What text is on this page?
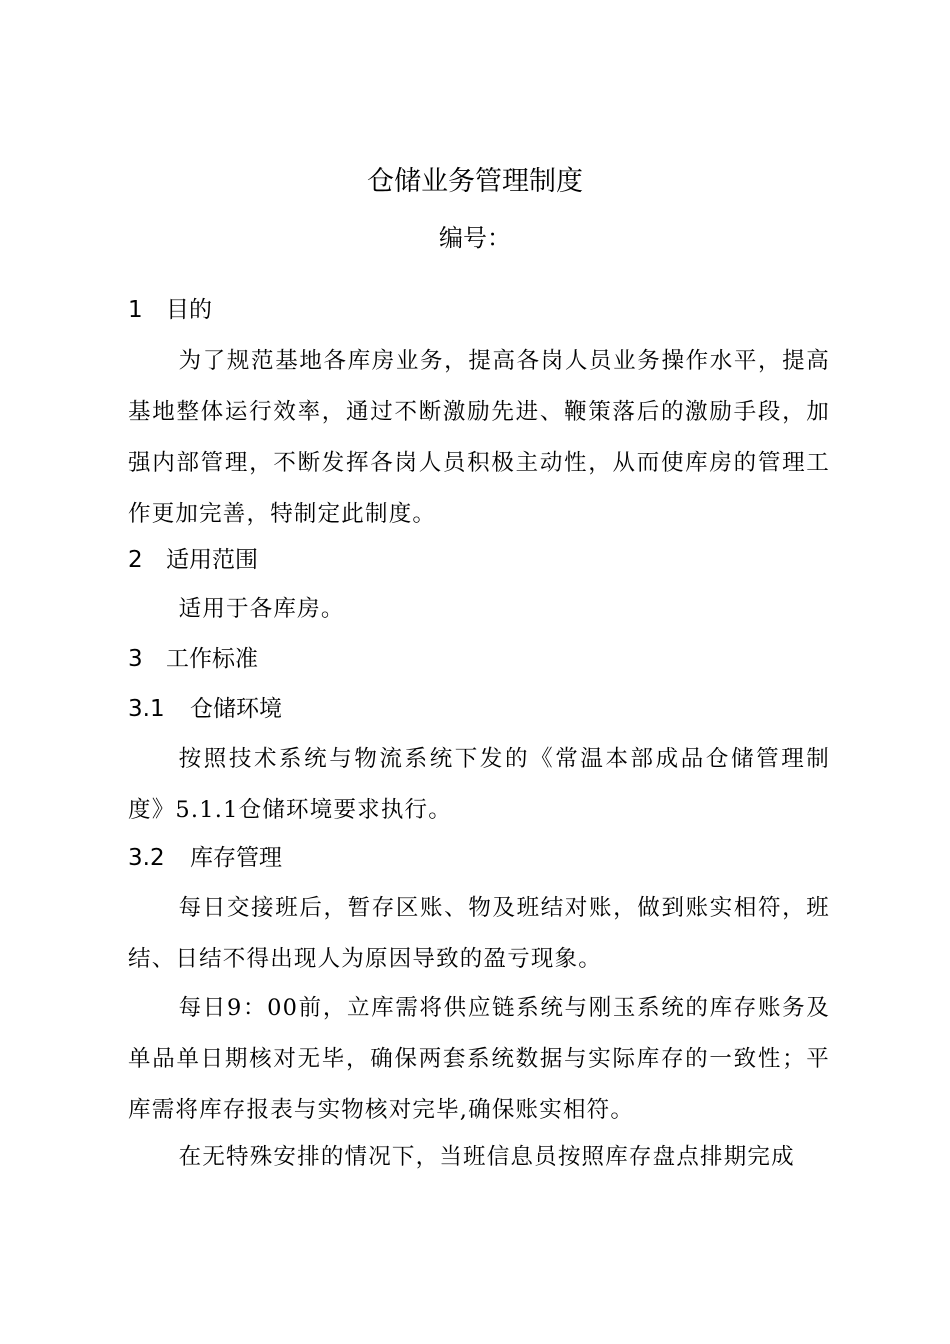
仓储业务管理制度
编号：
1 目的
为了规范基地各库房业务，提高各岗人员业务操作水平，提高基地整体运行效率，通过不断激励先进、鞭策落后的激励手段，加强内部管理，不断发挥各岗人员积极主动性，从而使库房的管理工作更加完善，特制定此制度。
2 适用范围
适用于各库房。
3 工作标准
3.1 仓储环境
按照技术系统与物流系统下发的《常温本部成品仓储管理制度》5.1.1仓储环境要求执行。
3.2 库存管理
每日交接班后，暂存区账、物及班结对账，做到账实相符，班结、日结不得出现人为原因导致的盈亏现象。
每日9：00前，立库需将供应链系统与刚玉系统的库存账务及单品单日期核对无毕，确保两套系统数据与实际库存的一致性；平库需将库存报表与实物核对完毕,确保账实相符。
在无特殊安排的情况下，当班信息员按照库存盘点排期完成
